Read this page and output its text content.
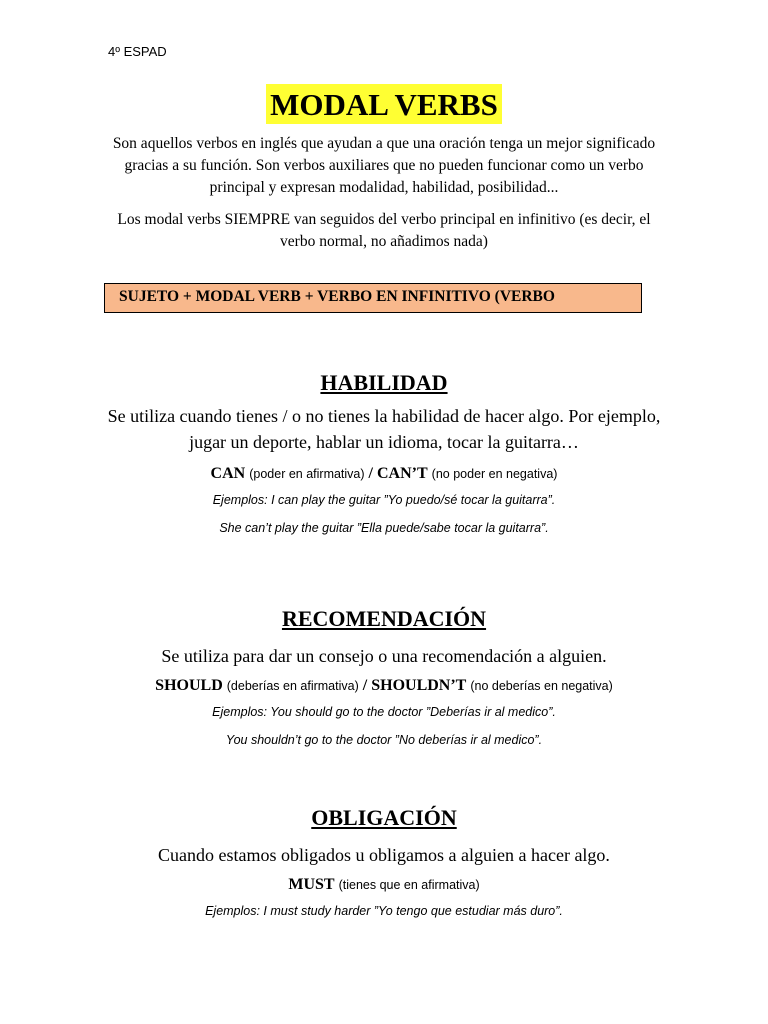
4º ESPAD
MODAL VERBS

Son aquellos verbos en inglés que ayudan a que una oración tenga un mejor significado gracias a su función. Son verbos auxiliares que no pueden funcionar como un verbo principal y expresan modalidad, habilidad, posibilidad...

Los modal verbs SIEMPRE van seguidos del verbo principal en infinitivo (es decir, el verbo normal, no añadimos nada)

SUJETO + MODAL VERB + VERBO EN INFINITIVO (VERBO
HABILIDAD

Se utiliza cuando tienes / o no tienes la habilidad de hacer algo. Por ejemplo, jugar un deporte, hablar un idioma, tocar la guitarra…

CAN (poder en afirmativa) / CAN’T (no poder en negativa)

Ejemplos: I can play the guitar ”Yo puedo/sé tocar la guitarra”.

She can’t play the guitar ”Ella puede/sabe tocar la guitarra”.

RECOMENDACIÓN

Se utiliza para dar un consejo o una recomendación a alguien.

SHOULD (deberías en afirmativa) / SHOULDN’T (no deberías en negativa)

Ejemplos: You should go to the doctor ”Deberías ir al medico”.

You shouldn’t go to the doctor ”No deberías ir al medico”.

OBLIGACIÓN

Cuando estamos obligados u obligamos a alguien a hacer algo.

MUST (tienes que en afirmativa)

Ejemplos: I must study harder ”Yo tengo que estudiar más duro”.
